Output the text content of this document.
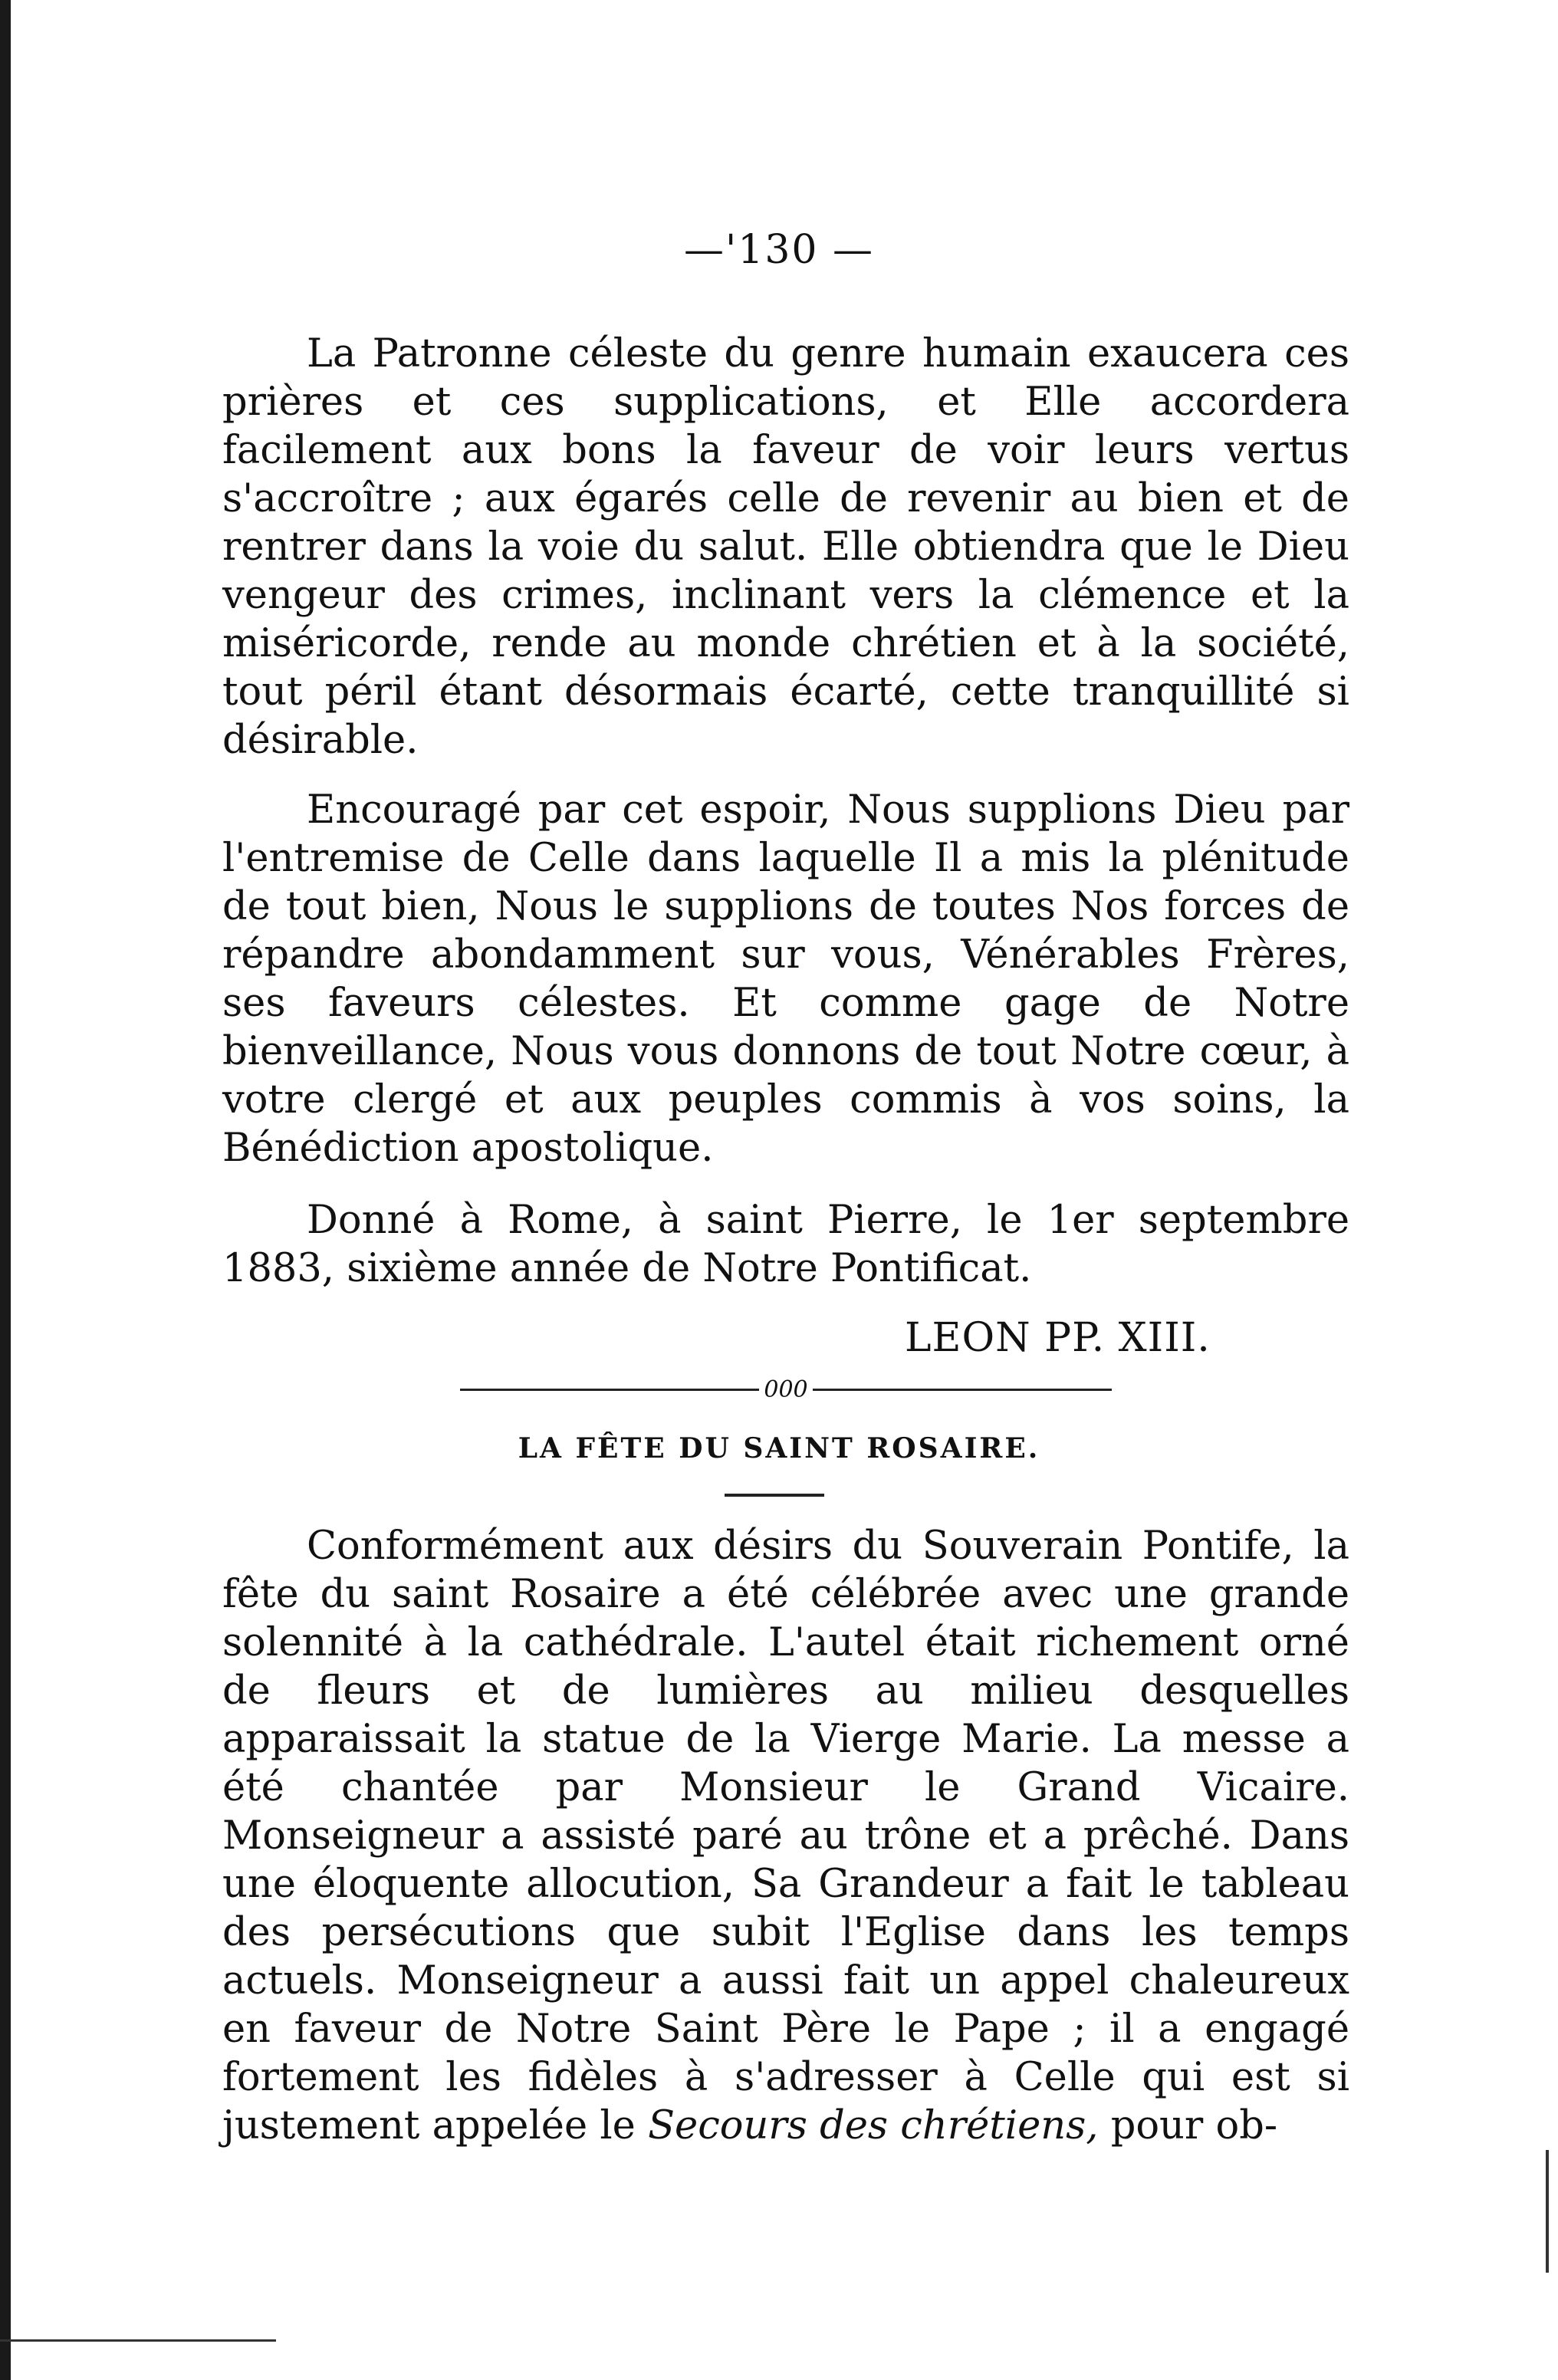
—'130 —

La Patronne céleste du genre humain exaucera ces prières et ces supplications, et Elle accordera facilement aux bons la faveur de voir leurs vertus s'accroître ; aux égarés celle de revenir au bien et de rentrer dans la voie du salut. Elle obtiendra que le Dieu vengeur des crimes, inclinant vers la clémence et la miséricorde, rende au monde chrétien et à la société, tout péril étant désormais écarté, cette tranquillité si désirable.

Encouragé par cet espoir, Nous supplions Dieu par l'entremise de Celle dans laquelle Il a mis la plénitude de tout bien, Nous le supplions de toutes Nos forces de répandre abondamment sur vous, Vénérables Frères, ses faveurs célestes. Et comme gage de Notre bienveillance, Nous vous donnons de tout Notre cœur, à votre clergé et aux peuples commis à vos soins, la Bénédiction apostolique.

Donné à Rome, à saint Pierre, le 1er septembre 1883, sixième année de Notre Pontificat.

LEON PP. XIII.
000
LA FÊTE DU SAINT ROSAIRE.

Conformément aux désirs du Souverain Pontife, la fête du saint Rosaire a été célébrée avec une grande solennité à la cathédrale. L'autel était richement orné de fleurs et de lumières au milieu desquelles apparaissait la statue de la Vierge Marie. La messe a été chantée par Monsieur le Grand Vicaire. Monseigneur a assisté paré au trône et a prêché. Dans une éloquente allocution, Sa Grandeur a fait le tableau des persécutions que subit l'Eglise dans les temps actuels. Monseigneur a aussi fait un appel chaleureux en faveur de Notre Saint Père le Pape ; il a engagé fortement les fidèles à s'adresser à Celle qui est si justement appelée le Secours des chrétiens, pour ob-
